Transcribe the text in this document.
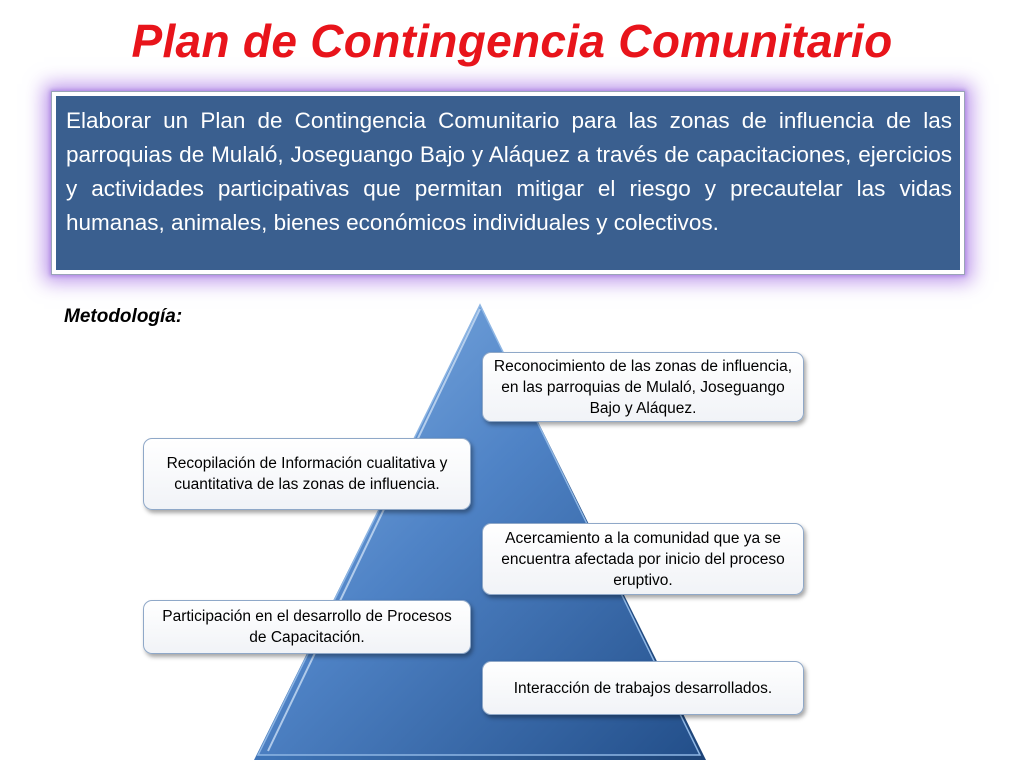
Plan de Contingencia Comunitario

Elaborar un Plan de Contingencia Comunitario para las zonas de influencia de las parroquias de Mulaló, Joseguango Bajo y Aláquez a través de capacitaciones, ejercicios y actividades participativas que permitan mitigar el riesgo y precautelar las vidas humanas, animales, bienes económicos individuales y colectivos.

Metodología:
Reconocimiento de las zonas de influencia, en las parroquias de Mulaló, Joseguango Bajo y Aláquez.
Recopilación de Información cualitativa y cuantitativa de las zonas de influencia.
Acercamiento a la comunidad que ya se encuentra afectada por inicio del proceso eruptivo.
Participación en el desarrollo de Procesos de Capacitación.
Interacción de trabajos desarrollados.
